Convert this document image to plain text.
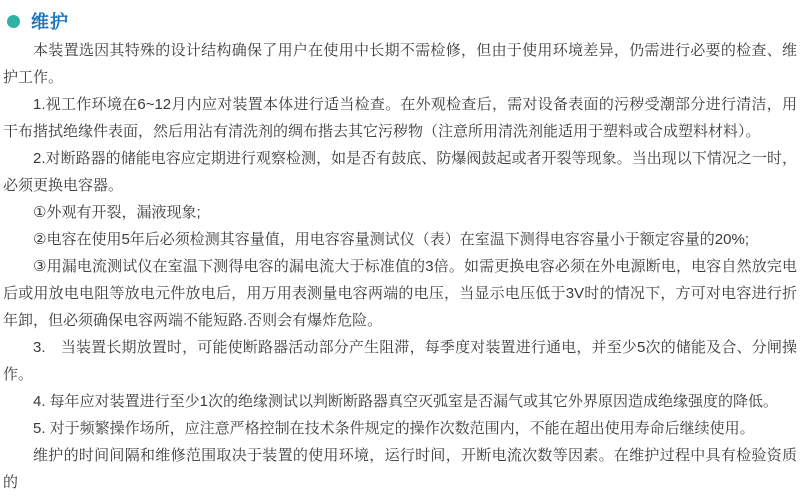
维护

本装置选因其特殊的设计结构确保了用户在使用中长期不需检修，但由于使用环境差异，仍需进行必要的检查、维护工作。

1.视工作环境在6~12月内应对装置本体进行适当检查。在外观检查后，需对设备表面的污秽受潮部分进行清洁，用干布揩拭绝缘件表面，然后用沾有清洗剂的绸布揩去其它污秽物（注意所用清洗剂能适用于塑料或合成塑料材料）。

2.对断路器的储能电容应定期进行观察检测，如是否有鼓底、防爆阀鼓起或者开裂等现象。当出现以下情况之一时，必须更换电容器。

①外观有开裂，漏液现象;

②电容在使用5年后必须检测其容量值，用电容容量测试仪（表）在室温下测得电容容量小于额定容量的20%;

③用漏电流测试仪在室温下测得电容的漏电流大于标准值的3倍。如需更换电容必须在外电源断电，电容自然放完电后或用放电电阻等放电元件放电后，用万用表测量电容两端的电压，当显示电压低于3V时的情况下，方可对电容进行折年卸，但必须确保电容两端不能短路.否则会有爆炸危险。

3.　当装置长期放置时，可能使断路器活动部分产生阻滞，每季度对装置进行通电，并至少5次的储能及合、分闸操作。

4. 每年应对装置进行至少1次的绝缘测试以判断断路器真空灭弧室是否漏气或其它外界原因造成绝缘强度的降低。

5. 对于频繁操作场所，应注意严格控制在技术条件规定的操作次数范围内，不能在超出使用寿命后继续使用。

维护的时间间隔和维修范围取决于装置的使用环境，运行时间，开断电流次数等因素。在维护过程中具有检验资质的
